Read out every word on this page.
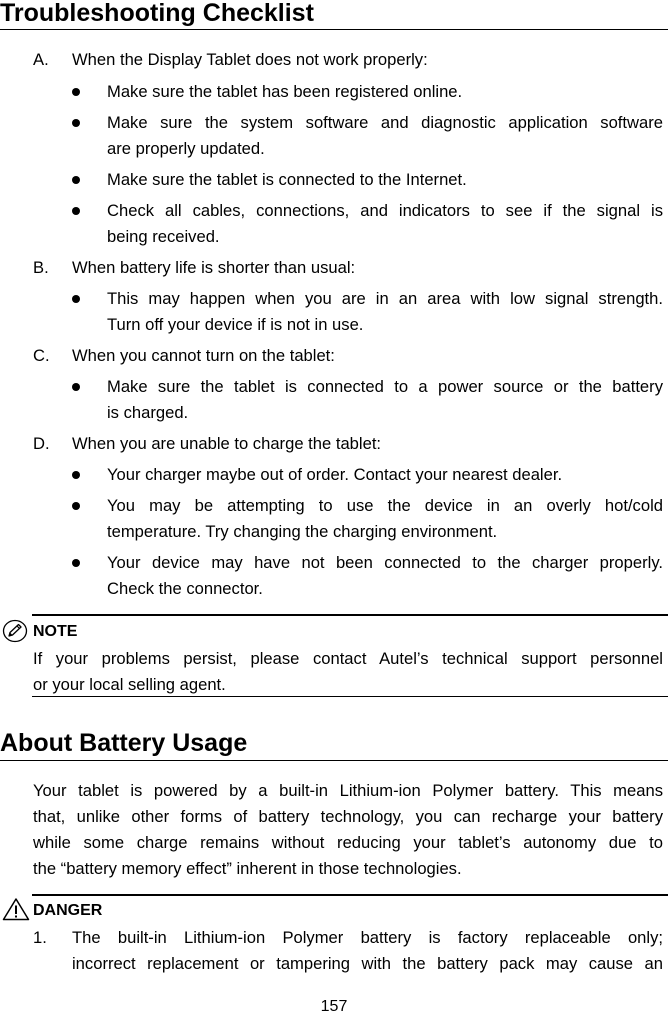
Troubleshooting Checklist
A. When the Display Tablet does not work properly:
Make sure the tablet has been registered online.
Make sure the system software and diagnostic application software
are properly updated.
Make sure the tablet is connected to the Internet.
Check all cables, connections, and indicators to see if the signal is
being received.
B. When battery life is shorter than usual:
This may happen when you are in an area with low signal strength.
Turn off your device if is not in use.
C. When you cannot turn on the tablet:
Make sure the tablet is connected to a power source or the battery
is charged.
D. When you are unable to charge the tablet:
Your charger maybe out of order. Contact your nearest dealer.
You may be attempting to use the device in an overly hot/cold
temperature. Try changing the charging environment.
Your device may have not been connected to the charger properly.
Check the connector.
NOTE
If your problems persist, please contact Autel’s technical support personnel
or your local selling agent.
About Battery Usage
Your tablet is powered by a built-in Lithium-ion Polymer battery. This means
that, unlike other forms of battery technology, you can recharge your battery
while some charge remains without reducing your tablet’s autonomy due to
the “battery memory effect” inherent in those technologies.
DANGER
1. The built-in Lithium-ion Polymer battery is factory replaceable only;
incorrect replacement or tampering with the battery pack may cause an
157
